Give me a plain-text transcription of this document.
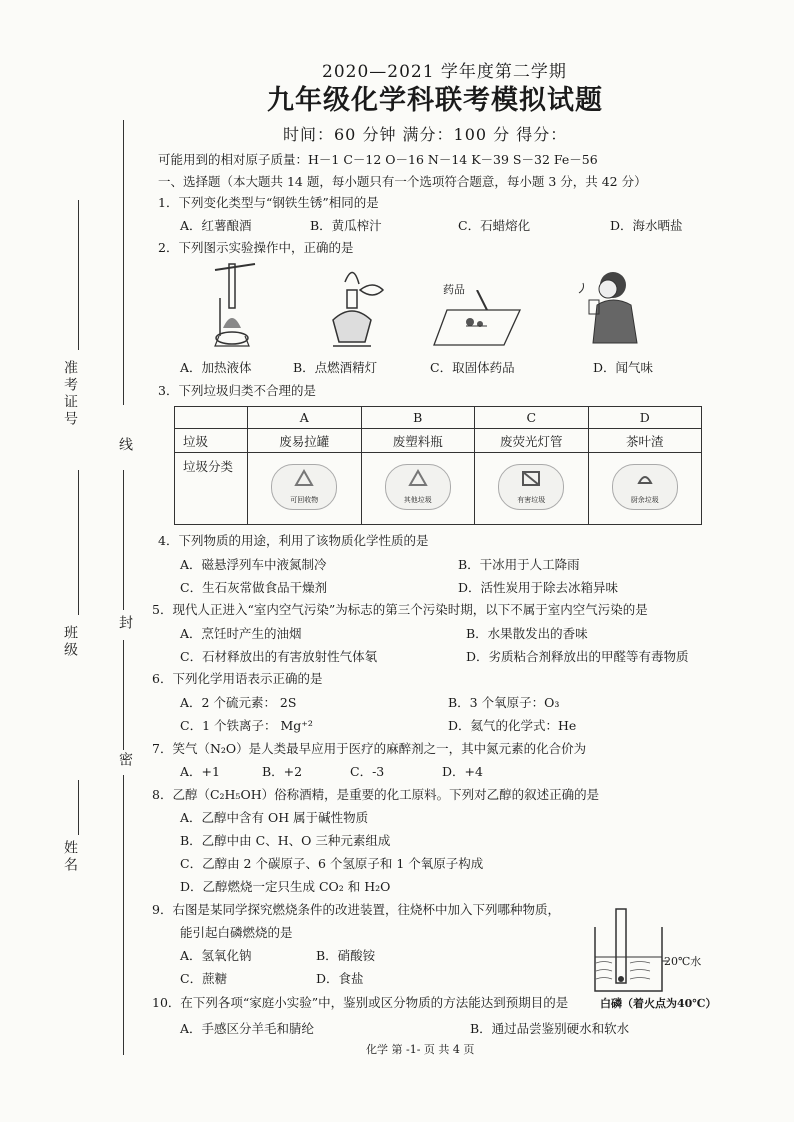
2020—2021 学年度第二学期
九年级化学科联考模拟试题
时间：60 分钟 满分：100 分 得分：
可能用到的相对原子质量：H－1 C－12 O－16 N－14 K－39 S－32 Fe－56
一、选择题（本大题共 14 题，每小题只有一个选项符合题意，每小题 3 分，共 42 分）
准考证号
线
班级
封
密
姓名
1．下列变化类型与“钢铁生锈”相同的是
A．红薯酿酒	B．黄瓜榨汁	C．石蜡熔化	D．海水晒盐
2．下列图示实验操作中，正确的是
药品
A．加热液体	B．点燃酒精灯	C．取固体药品	D．闻气味
3．下列垃圾归类不合理的是
	A	B	C	D
垃圾	废易拉罐	废塑料瓶	废荧光灯管	茶叶渣
垃圾分类	可回收物	其他垃圾	有害垃圾	厨余垃圾
4．下列物质的用途，利用了该物质化学性质的是
A．磁悬浮列车中液氮制冷	B．干冰用于人工降雨
C．生石灰常做食品干燥剂	D．活性炭用于除去冰箱异味
5．现代人正进入“室内空气污染”为标志的第三个污染时期，以下不属于室内空气污染的是
A．烹饪时产生的油烟	B．水果散发出的香味
C．石材释放出的有害放射性气体氡	D．劣质粘合剂释放出的甲醛等有毒物质
6．下列化学用语表示正确的是
A．2 个硫元素： 2S	B．3 个氧原子：O₃
C．1 个铁离子： Mg⁺²	D．氦气的化学式：He
7．笑气（N₂O）是人类最早应用于医疗的麻醉剂之一，其中氮元素的化合价为
A．+1	B．+2	C．-3	D．+4
8．乙醇（C₂H₅OH）俗称酒精，是重要的化工原料。下列对乙醇的叙述正确的是
A．乙醇中含有 OH 属于碱性物质
B．乙醇中由 C、H、O 三种元素组成
C．乙醇由 2 个碳原子、6 个氢原子和 1 个氧原子构成
D．乙醇燃烧一定只生成 CO₂ 和 H₂O
9．右图是某同学探究燃烧条件的改进装置，往烧杯中加入下列哪种物质，
能引起白磷燃烧的是
A．氢氧化钠	B．硝酸铵
C．蔗糖	D．食盐
20℃水
白磷（着火点为40℃）
10．在下列各项“家庭小实验”中，鉴别或区分物质的方法能达到预期目的是
A．手感区分羊毛和腈纶	B．通过品尝鉴别硬水和软水
化学 第 -1- 页 共 4 页
